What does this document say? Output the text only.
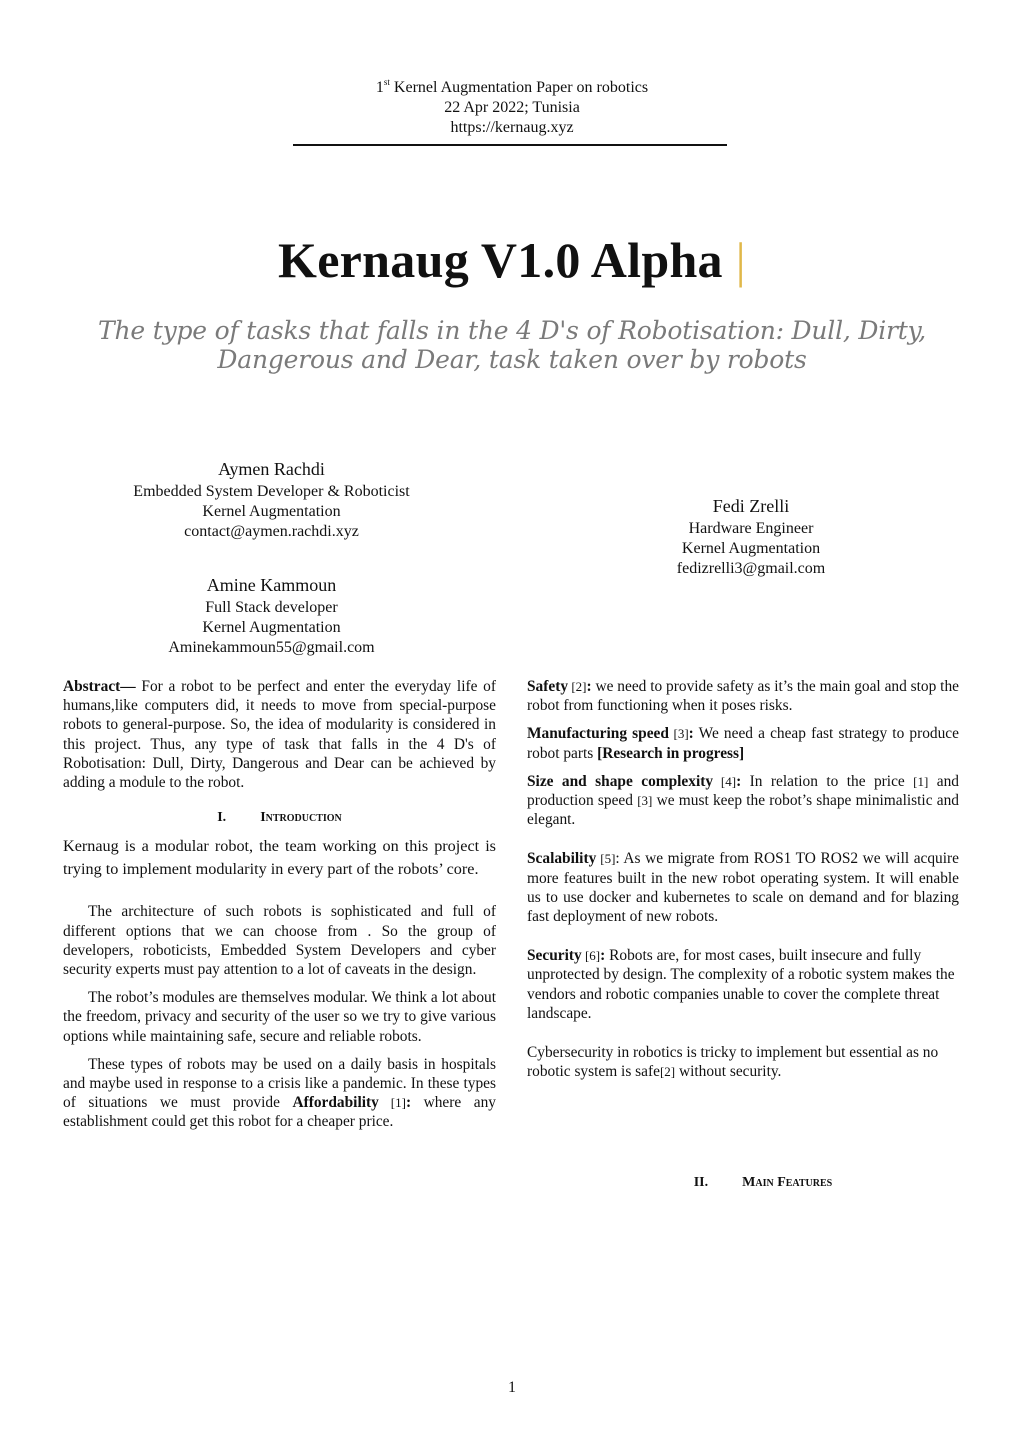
1st Kernel Augmentation Paper on robotics
22 Apr 2022; Tunisia
https://kernaug.xyz
Kernaug V1.0 Alpha |
The type of tasks that falls in the 4 D's of Robotisation: Dull, Dirty, Dangerous and Dear, task taken over by robots
Aymen Rachdi
Embedded System Developer & Roboticist
Kernel Augmentation
contact@aymen.rachdi.xyz
Amine Kammoun
Full Stack developer
Kernel Augmentation
Aminekammoun55@gmail.com
Fedi Zrelli
Hardware Engineer
Kernel Augmentation
fedizrelli3@gmail.com

Abstract— For a robot to be perfect and enter the everyday life of humans,like computers did, it needs to move from special-purpose robots to general-purpose. So, the idea of modularity is considered in this project. Thus, any type of task that falls in the 4 D's of Robotisation: Dull, Dirty, Dangerous and Dear can be achieved by adding a module to the robot.

I. Introduction

Kernaug is a modular robot, the team working on this project is trying to implement modularity in every part of the robots’ core.

The architecture of such robots is sophisticated and full of different options that we can choose from . So the group of developers, roboticists, Embedded System Developers and cyber security experts must pay attention to a lot of caveats in the design.

The robot’s modules are themselves modular. We think a lot about the freedom, privacy and security of the user so we try to give various options while maintaining safe, secure and reliable robots.

These types of robots may be used on a daily basis in hospitals and maybe used in response to a crisis like a pandemic. In these types of situations we must provide Affordability [1]: where any establishment could get this robot for a cheaper price.

Safety [2]: we need to provide safety as it’s the main goal and stop the robot from functioning when it poses risks.

Manufacturing speed [3]: We need a cheap fast strategy to produce robot parts [Research in progress]

Size and shape complexity [4]: In relation to the price [1] and production speed [3] we must keep the robot’s shape minimalistic and elegant.

Scalability [5]: As we migrate from ROS1 TO ROS2 we will acquire more features built in the new robot operating system. It will enable us to use docker and kubernetes to scale on demand and for blazing fast deployment of new robots.

Security [6]: Robots are, for most cases, built insecure and fully unprotected by design. The complexity of a robotic system makes the vendors and robotic companies unable to cover the complete threat landscape.

Cybersecurity in robotics is tricky to implement but essential as no robotic system is safe[2] without security.

II. Main Features
1
